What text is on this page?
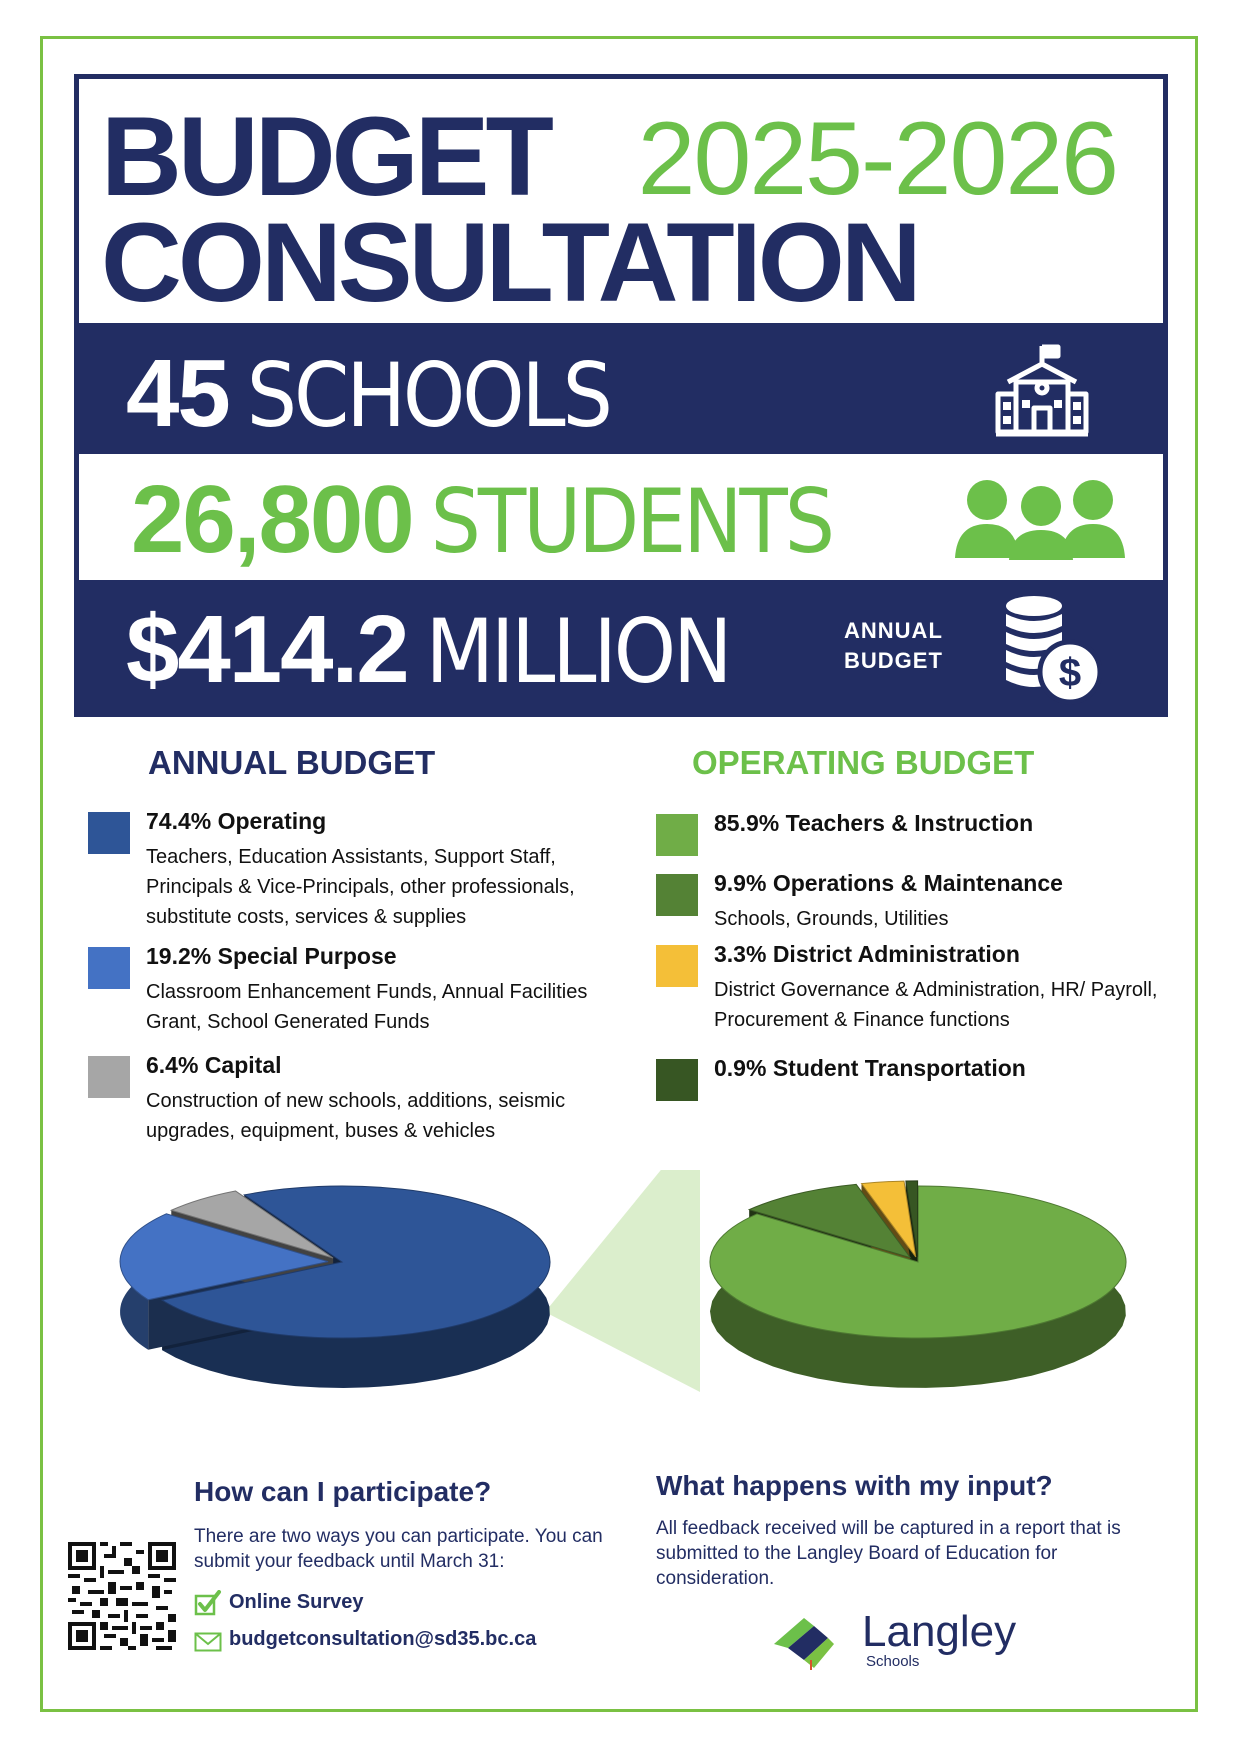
BUDGET
CONSULTATION
2025-2026
45 SCHOOLS
26,800 STUDENTS
$414.2 MILLION	ANNUAL
BUDGET	$
ANNUAL BUDGET
74.4% Operating
Teachers, Education Assistants, Support Staff, Principals & Vice-Principals, other professionals, substitute costs, services & supplies
19.2% Special Purpose
Classroom Enhancement Funds, Annual Facilities Grant, School Generated Funds
6.4% Capital
Construction of new schools, additions, seismic upgrades, equipment, buses & vehicles
OPERATING BUDGET
85.9% Teachers & Instruction
9.9% Operations & Maintenance
Schools, Grounds, Utilities
3.3% District Administration
District Governance & Administration, HR/ Payroll, Procurement & Finance functions
0.9% Student Transportation
How can I participate?
There are two ways you can participate. You can submit your feedback until March 31:
Online Survey
budgetconsultation@sd35.bc.ca
What happens with my input?
All feedback received will be captured in a report that is submitted to the Langley Board of Education for consideration.
Langley
Schools
